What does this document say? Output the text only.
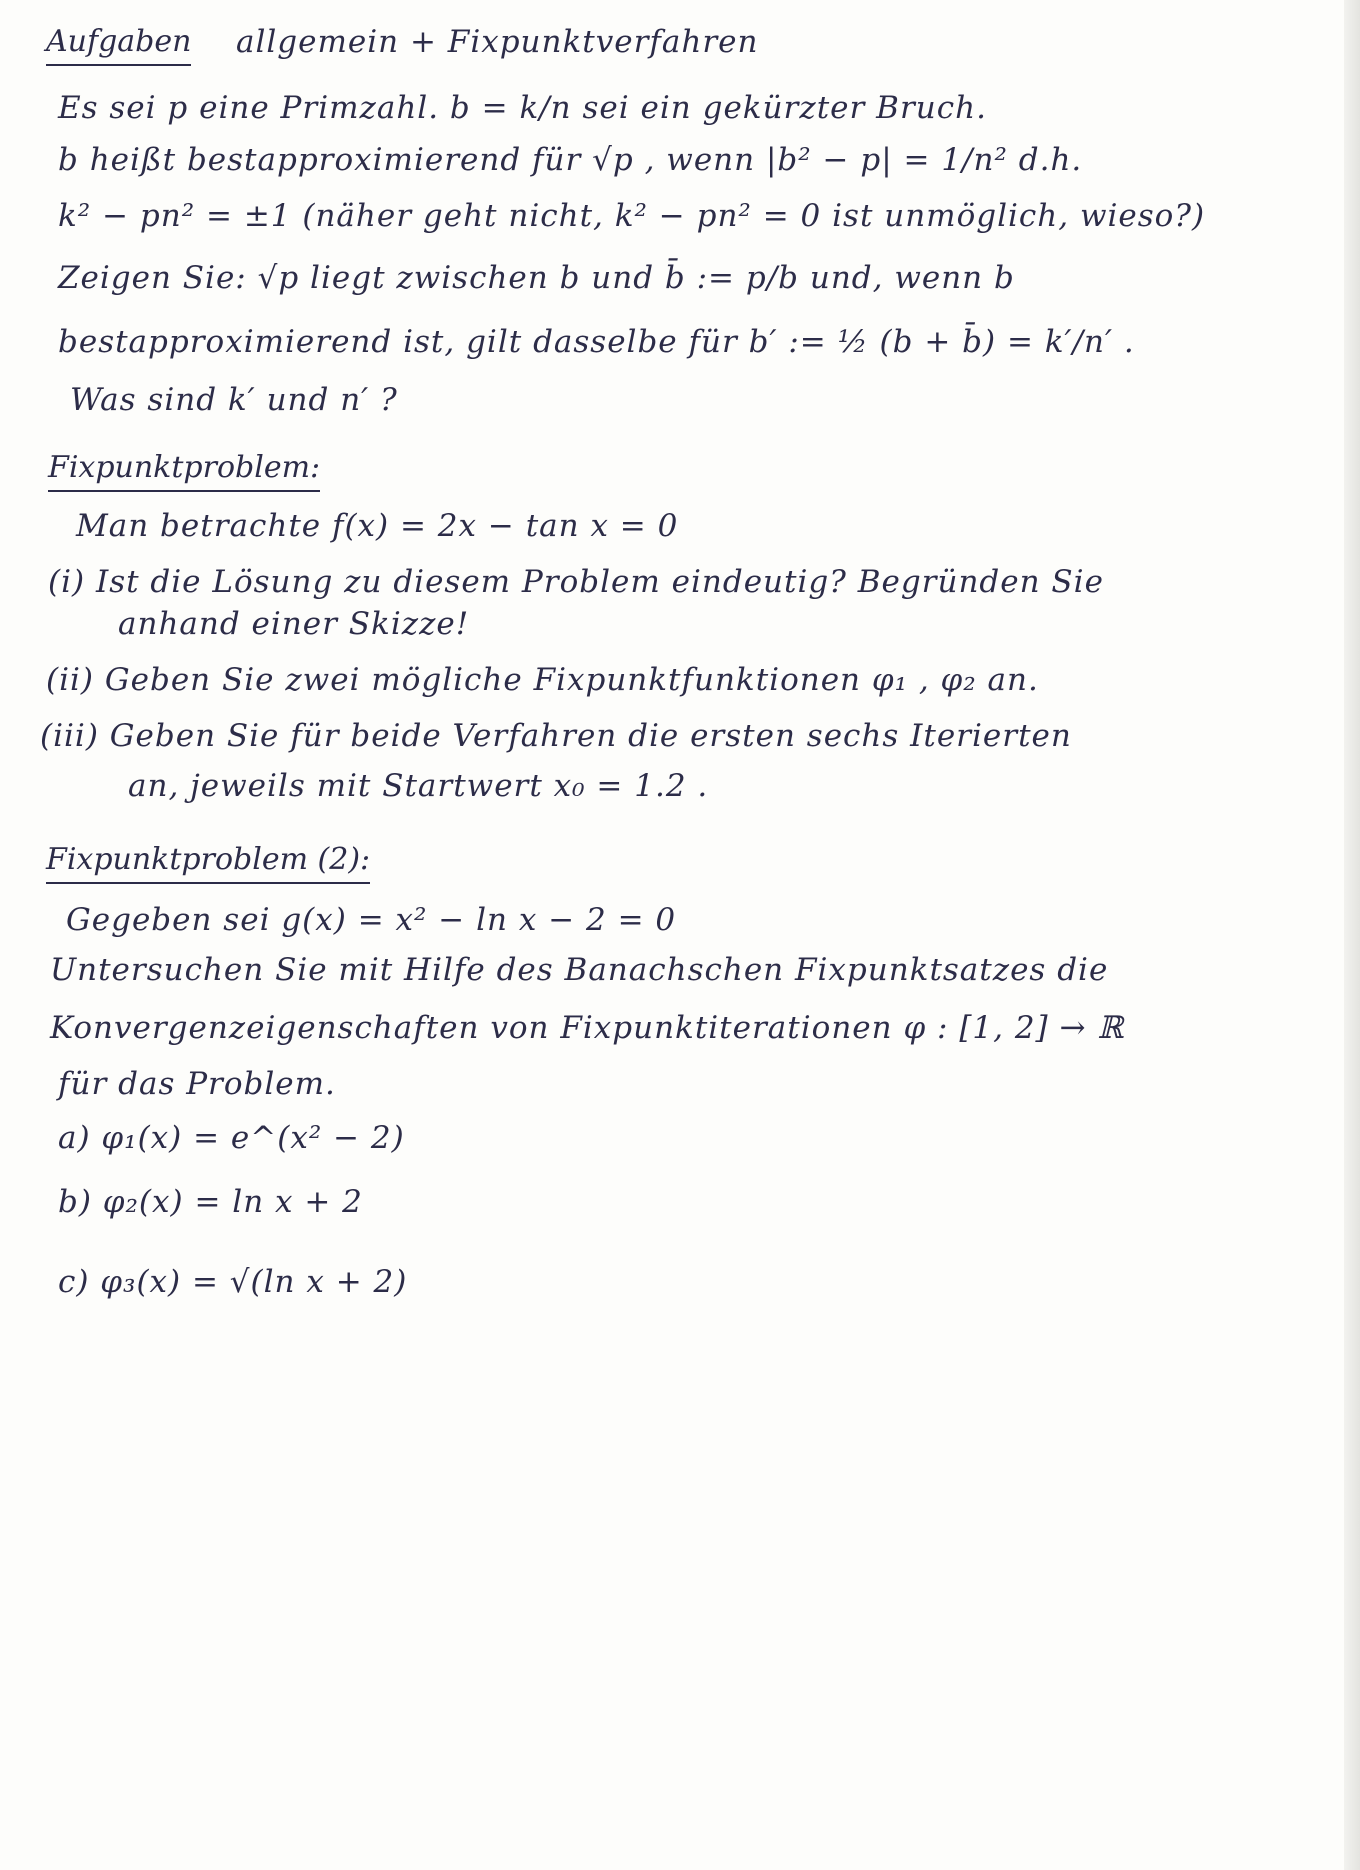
Aufgaben allgemein + Fixpunktverfahren
Es sei p eine Primzahl. b = k/n sei ein gekürzter Bruch.
b heißt bestapproximierend für √p , wenn |b² − p| = 1/n² d.h.
k² − pn² = ±1 (näher geht nicht, k² − pn² = 0 ist unmöglich, wieso?)
Zeigen Sie: √p liegt zwischen b und b̄ := p/b und, wenn b
bestapproximierend ist, gilt dasselbe für b′ := ½ (b + b̄) = k′/n′ .
Was sind k′ und n′ ?
Fixpunktproblem:
Man betrachte f(x) = 2x − tan x = 0
(i) Ist die Lösung zu diesem Problem eindeutig? Begründen Sie
anhand einer Skizze!
(ii) Geben Sie zwei mögliche Fixpunktfunktionen φ₁ , φ₂ an.
(iii) Geben Sie für beide Verfahren die ersten sechs Iterierten
an, jeweils mit Startwert x₀ = 1.2 .
Fixpunktproblem (2):
Gegeben sei g(x) = x² − ln x − 2 = 0
Untersuchen Sie mit Hilfe des Banachschen Fixpunktsatzes die
Konvergenzeigenschaften von Fixpunktiterationen φ : [1, 2] → ℝ
für das Problem.
a) φ₁(x) = e^(x² − 2)
b) φ₂(x) = ln x + 2
c) φ₃(x) = √(ln x + 2)
